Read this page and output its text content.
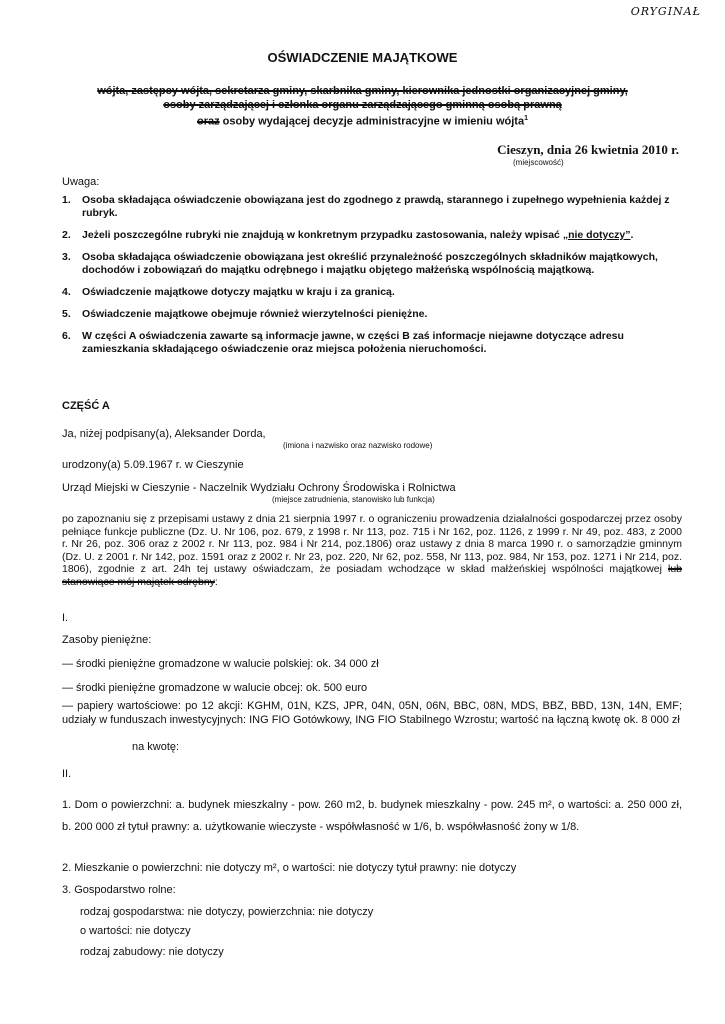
ORYGINAŁ
OŚWIADCZENIE MAJĄTKOWE
wójta, zastępcy wójta, sekretarza gminy, skarbnika gminy, kierownika jednostki organizacyjnej gminy,
osoby zarządzającej i członka organu zarządzającego gminną osobą prawną
oraz osoby wydającej decyzje administracyjne w imieniu wójta$^1$
Cieszyn, dnia 26 kwietnia 2010 r.
(miejscowość)
Uwaga:
1. Osoba składająca oświadczenie obowiązana jest do zgodnego z prawdą, starannego i zupełnego wypełnienia każdej z rubryk.
2. Jeżeli poszczególne rubryki nie znajdują w konkretnym przypadku zastosowania, należy wpisać „nie dotyczy”.
3. Osoba składająca oświadczenie obowiązana jest określić przynależność poszczególnych składników majątkowych, dochodów i zobowiązań do majątku odrębnego i majątku objętego małżeńską wspólnością majątkową.
4. Oświadczenie majątkowe dotyczy majątku w kraju i za granicą.
5. Oświadczenie majątkowe obejmuje również wierzytelności pieniężne.
6. W części A oświadczenia zawarte są informacje jawne, w części B zaś informacje niejawne dotyczące adresu zamieszkania składającego oświadczenie oraz miejsca położenia nieruchomości.
CZĘŚĆ A
Ja, niżej podpisany(a), Aleksander Dorda,
(imiona i nazwisko oraz nazwisko rodowe)
urodzony(a) 5.09.1967 r. w Cieszynie
Urząd Miejski w Cieszynie - Naczelnik Wydziału Ochrony Środowiska i Rolnictwa
(miejsce zatrudnienia, stanowisko lub funkcja)
po zapoznaniu się z przepisami ustawy z dnia 21 sierpnia 1997 r. o ograniczeniu prowadzenia działalności gospodarczej przez osoby pełniące funkcje publiczne (Dz. U. Nr 106, poz. 679, z 1998 r. Nr 113, poz. 715 i Nr 162, poz. 1126, z 1999 r. Nr 49, poz. 483, z 2000 r. Nr 26, poz. 306 oraz z 2002 r. Nr 113, poz. 984 i Nr 214, poz.1806) oraz ustawy z dnia 8 marca 1990 r. o samorządzie gminnym (Dz. U. z 2001 r. Nr 142, poz. 1591 oraz z 2002 r. Nr 23, poz. 220, Nr 62, poz. 558, Nr 113, poz. 984, Nr 153, poz. 1271 i Nr 214, poz. 1806), zgodnie z art. 24h tej ustawy oświadczam, że posiadam wchodzące w skład małżeńskiej wspólności majątkowej lub stanowiące mój majątek odrębny:
I.
Zasoby pieniężne:
— środki pieniężne gromadzone w walucie polskiej: ok. 34 000 zł
— środki pieniężne gromadzone w walucie obcej: ok. 500 euro
— papiery wartościowe: po 12 akcji: KGHM, 01N, KZS, JPR, 04N, 05N, 06N, BBC, 08N, MDS, BBZ, BBD, 13N, 14N, EMF; udziały w funduszach inwestycyjnych: ING FIO Gotówkowy, ING FIO Stabilnego Wzrostu; wartość na łączną kwotę ok. 8 000 zł
na kwotę:
II.
1. Dom o powierzchni: a. budynek mieszkalny - pow. 260 m2, b. budynek mieszkalny - pow. 245 m², o wartości: a. 250 000 zł, b. 200 000 zł tytuł prawny: a. użytkowanie wieczyste - współwłasność w 1/6, b. współwłasność żony w 1/8.
2. Mieszkanie o powierzchni: nie dotyczy m², o wartości: nie dotyczy tytuł prawny: nie dotyczy
3. Gospodarstwo rolne:
rodzaj gospodarstwa: nie dotyczy, powierzchnia: nie dotyczy
o wartości: nie dotyczy
rodzaj zabudowy: nie dotyczy
